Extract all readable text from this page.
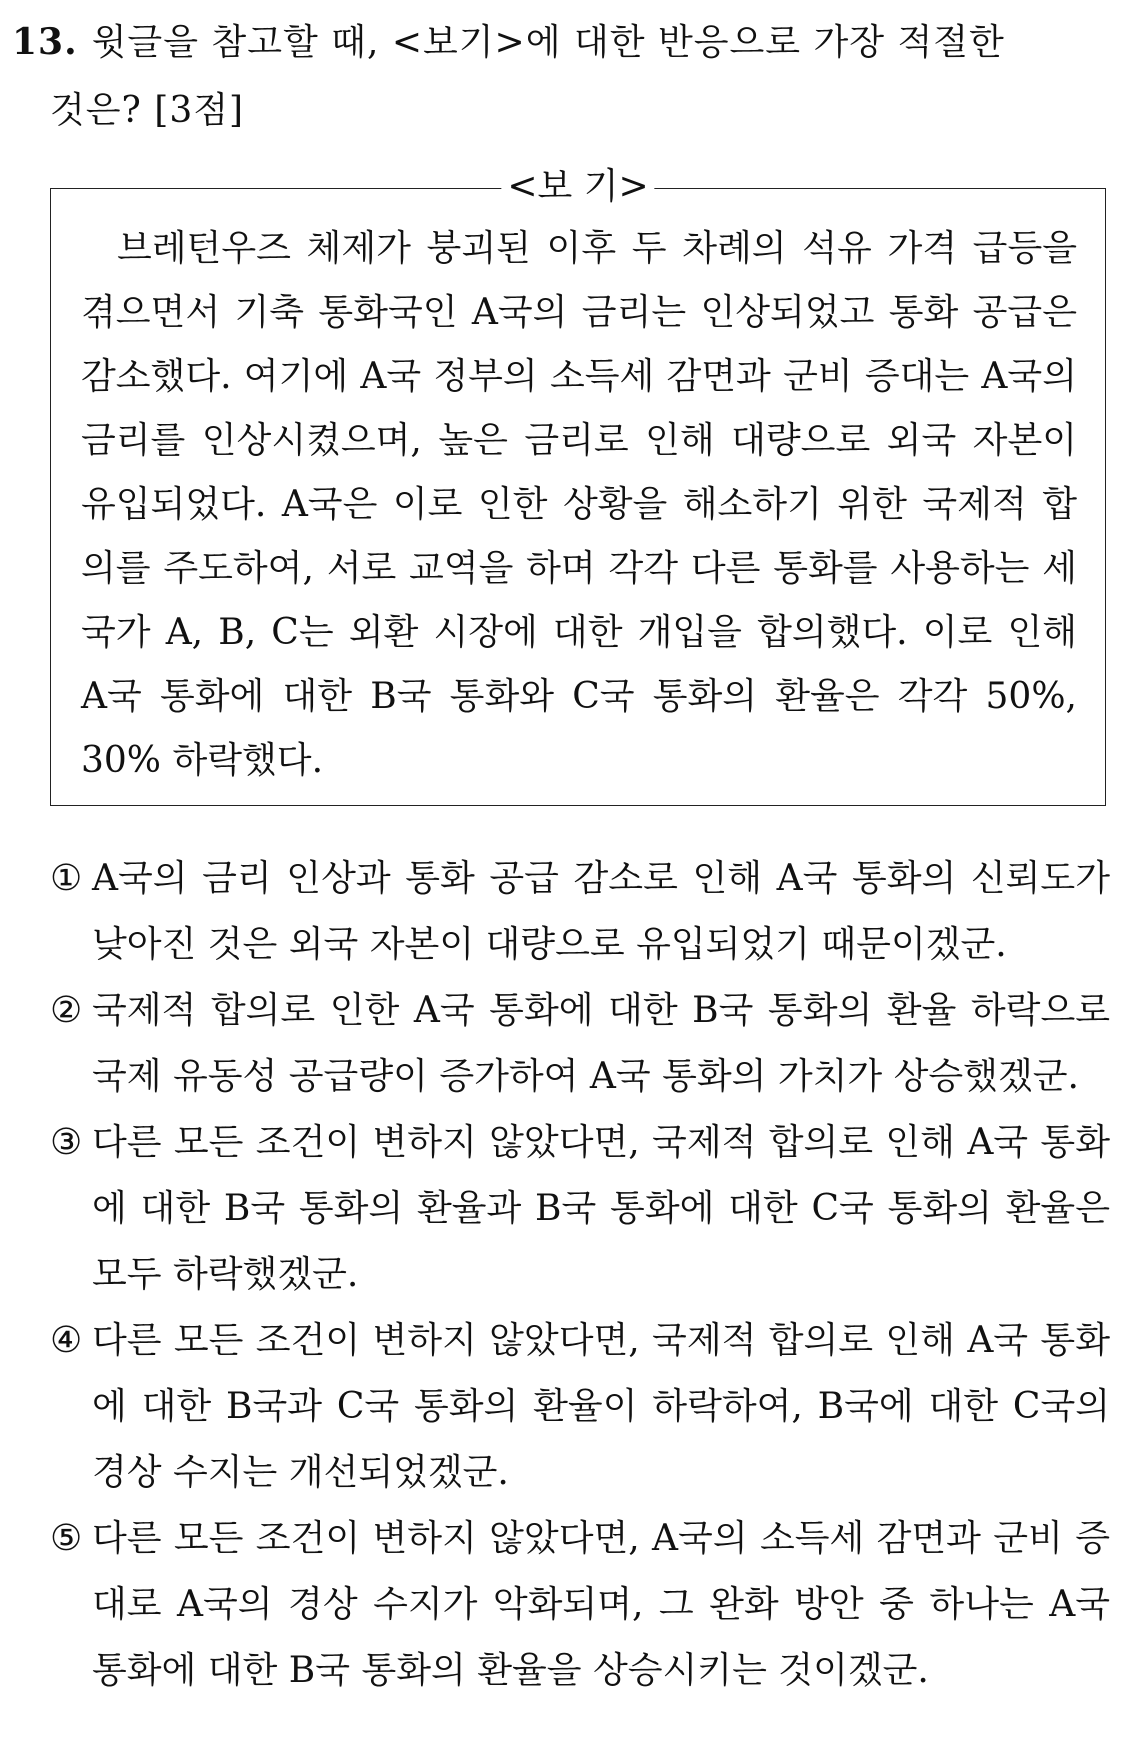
13. 윗글을 참고할 때, <보기>에 대한 반응으로 가장 적절한
것은? [3점]
<보 기>
브레턴우즈 체제가 붕괴된 이후 두 차례의 석유 가격 급등을 겪으면서 기축 통화국인 A국의 금리는 인상되었고 통화 공급은 감소했다. 여기에 A국 정부의 소득세 감면과 군비 증대는 A국의 금리를 인상시켰으며, 높은 금리로 인해 대량으로 외국 자본이 유입되었다. A국은 이로 인한 상황을 해소하기 위한 국제적 합의를 주도하여, 서로 교역을 하며 각각 다른 통화를 사용하는 세 국가 A, B, C는 외환 시장에 대한 개입을 합의했다. 이로 인해 A국 통화에 대한 B국 통화와 C국 통화의 환율은 각각 50%, 30% 하락했다.
① A국의 금리 인상과 통화 공급 감소로 인해 A국 통화의 신뢰도가 낮아진 것은 외국 자본이 대량으로 유입되었기 때문이겠군.
② 국제적 합의로 인한 A국 통화에 대한 B국 통화의 환율 하락으로 국제 유동성 공급량이 증가하여 A국 통화의 가치가 상승했겠군.
③ 다른 모든 조건이 변하지 않았다면, 국제적 합의로 인해 A국 통화에 대한 B국 통화의 환율과 B국 통화에 대한 C국 통화의 환율은 모두 하락했겠군.
④ 다른 모든 조건이 변하지 않았다면, 국제적 합의로 인해 A국 통화에 대한 B국과 C국 통화의 환율이 하락하여, B국에 대한 C국의 경상 수지는 개선되었겠군.
⑤ 다른 모든 조건이 변하지 않았다면, A국의 소득세 감면과 군비 증대로 A국의 경상 수지가 악화되며, 그 완화 방안 중 하나는 A국 통화에 대한 B국 통화의 환율을 상승시키는 것이겠군.
